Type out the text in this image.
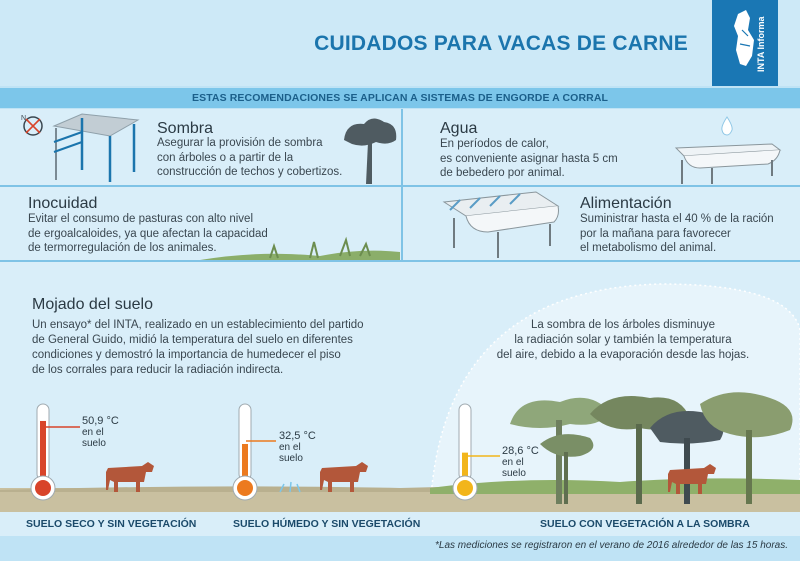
CUIDADOS PARA VACAS DE CARNE	INTA Informa
ESTAS RECOMENDACIONES SE APLICAN A SISTEMAS DE ENGORDE A CORRAL
N
Sombra
Asegurar la provisión de sombra
con árboles o a partir de la
construcción de techos y cobertizos.
Agua
En períodos de calor,
es conveniente asignar hasta 5 cm
de bebedero por animal.
Inocuidad
Evitar el consumo de pasturas con alto nivel
de ergoalcaloides, ya que afectan la capacidad
de termorregulación de los animales.
Alimentación
Suministrar hasta el 40 % de la ración
por la mañana para favorecer
el metabolismo del animal.
Mojado del suelo
Un ensayo* del INTA, realizado en un establecimiento del partido
de General Guido, midió la temperatura del suelo en diferentes
condiciones y demostró la importancia de humedecer el piso
de los corrales para reducir la radiación indirecta.
La sombra de los árboles disminuye
la radiación solar y también la temperatura
del aire, debido a la evaporación desde las hojas.
50,9 °C
en el
suelo
32,5 °C
en el
suelo
28,6 °C
en el
suelo
SUELO SECO Y SIN VEGETACIÓN	SUELO HÚMEDO Y SIN VEGETACIÓN	SUELO CON VEGETACIÓN A LA SOMBRA
*Las mediciones se registraron en el verano de 2016 alrededor de las 15 horas.
